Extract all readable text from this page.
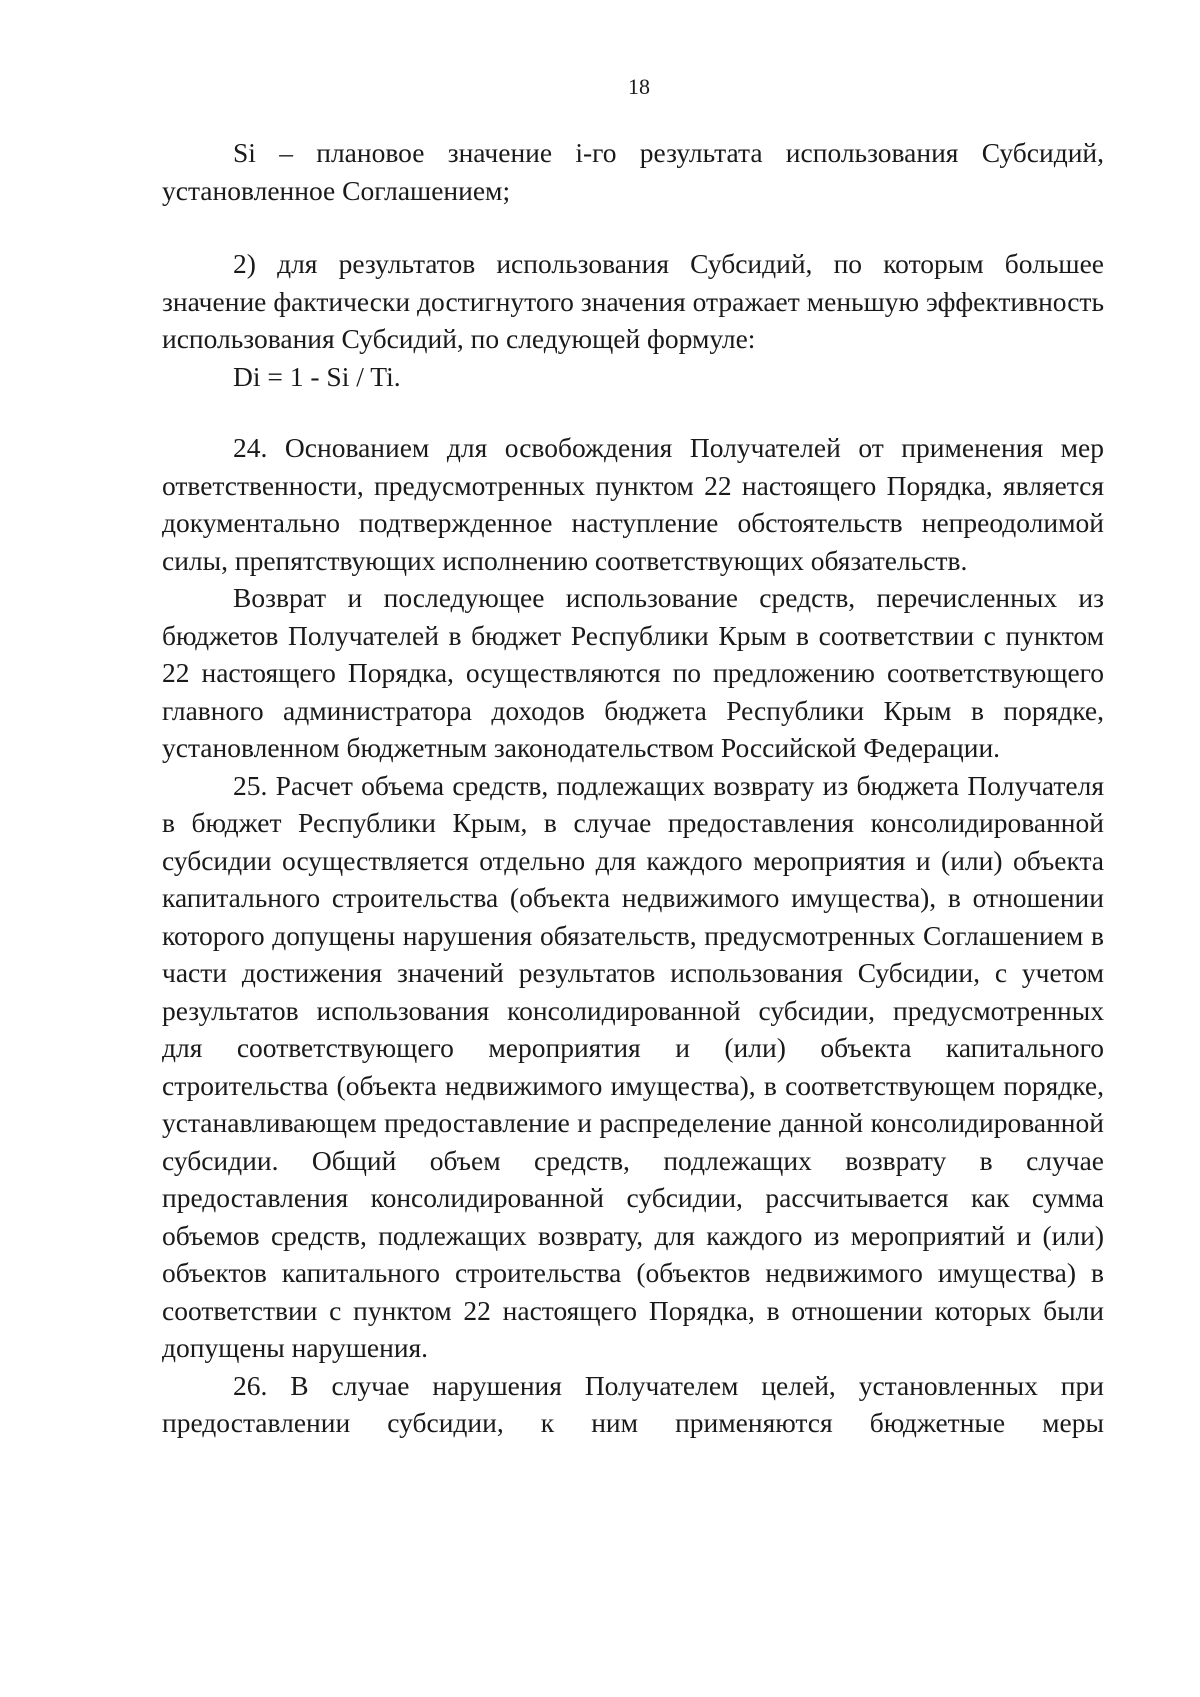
18

Si – плановое значение i-го результата использования Субсидий, установленное Соглашением;

2) для результатов использования Субсидий, по которым большее значение фактически достигнутого значения отражает меньшую эффективность использования Субсидий, по следующей формуле:

Di = 1 - Si / Ti.

24. Основанием для освобождения Получателей от применения мер ответственности, предусмотренных пунктом 22 настоящего Порядка, является документально подтвержденное наступление обстоятельств непреодолимой силы, препятствующих исполнению соответствующих обязательств.

Возврат и последующее использование средств, перечисленных из бюджетов Получателей в бюджет Республики Крым в соответствии с пунктом 22 настоящего Порядка, осуществляются по предложению соответствующего главного администратора доходов бюджета Республики Крым в порядке, установленном бюджетным законодательством Российской Федерации.

25. Расчет объема средств, подлежащих возврату из бюджета Получателя в бюджет Республики Крым, в случае предоставления консолидированной субсидии осуществляется отдельно для каждого мероприятия и (или) объекта капитального строительства (объекта недвижимого имущества), в отношении которого допущены нарушения обязательств, предусмотренных Соглашением в части достижения значений результатов использования Субсидии, с учетом результатов использования консолидированной субсидии, предусмотренных для соответствующего мероприятия и (или) объекта капитального строительства (объекта недвижимого имущества), в соответствующем порядке, устанавливающем предоставление и распределение данной консолидированной субсидии. Общий объем средств, подлежащих возврату в случае предоставления консолидированной субсидии, рассчитывается как сумма объемов средств, подлежащих возврату, для каждого из мероприятий и (или) объектов капитального строительства (объектов недвижимого имущества) в соответствии с пунктом 22 настоящего Порядка, в отношении которых были допущены нарушения.

26. В случае нарушения Получателем целей, установленных при предоставлении субсидии, к ним применяются бюджетные меры
